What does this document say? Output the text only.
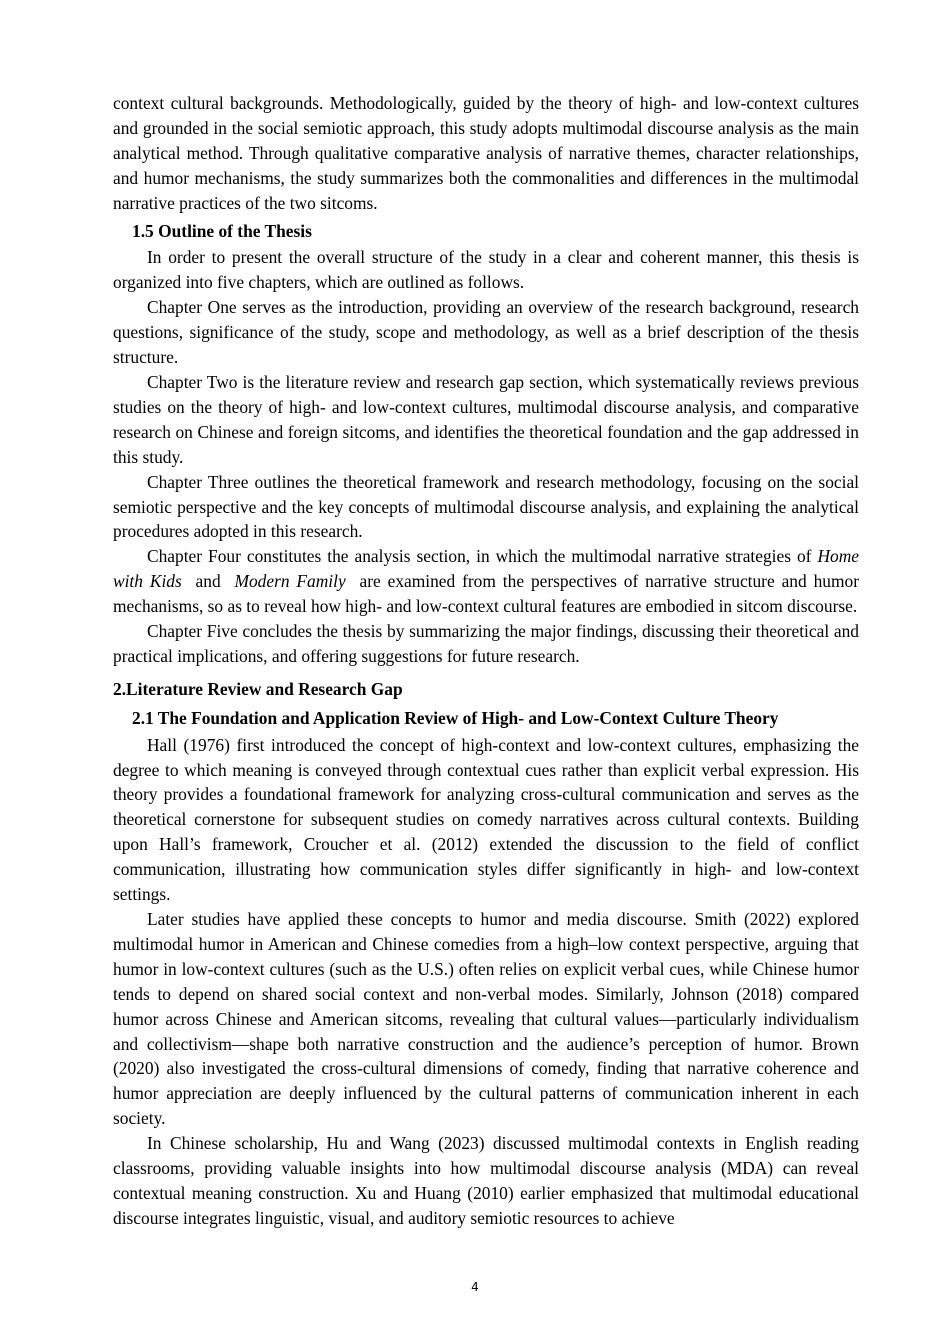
context cultural backgrounds. Methodologically, guided by the theory of high- and low-context cultures and grounded in the social semiotic approach, this study adopts multimodal discourse analysis as the main analytical method. Through qualitative comparative analysis of narrative themes, character relationships, and humor mechanisms, the study summarizes both the commonalities and differences in the multimodal narrative practices of the two sitcoms.

1.5 Outline of the Thesis

In order to present the overall structure of the study in a clear and coherent manner, this thesis is organized into five chapters, which are outlined as follows.

Chapter One serves as the introduction, providing an overview of the research background, research questions, significance of the study, scope and methodology, as well as a brief description of the thesis structure.

Chapter Two is the literature review and research gap section, which systematically reviews previous studies on the theory of high- and low-context cultures, multimodal discourse analysis, and comparative research on Chinese and foreign sitcoms, and identifies the theoretical foundation and the gap addressed in this study.

Chapter Three outlines the theoretical framework and research methodology, focusing on the social semiotic perspective and the key concepts of multimodal discourse analysis, and explaining the analytical procedures adopted in this research.

Chapter Four constitutes the analysis section, in which the multimodal narrative strategies of Home with Kids  and  Modern Family  are examined from the perspectives of narrative structure and humor mechanisms, so as to reveal how high- and low-context cultural features are embodied in sitcom discourse.

Chapter Five concludes the thesis by summarizing the major findings, discussing their theoretical and practical implications, and offering suggestions for future research.

2.Literature Review and Research Gap
2.1 The Foundation and Application Review of High- and Low-Context Culture Theory

Hall (1976) first introduced the concept of high-context and low-context cultures, emphasizing the degree to which meaning is conveyed through contextual cues rather than explicit verbal expression. His theory provides a foundational framework for analyzing cross-cultural communication and serves as the theoretical cornerstone for subsequent studies on comedy narratives across cultural contexts. Building upon Hall’s framework, Croucher et al. (2012) extended the discussion to the field of conflict communication, illustrating how communication styles differ significantly in high- and low-context settings.

Later studies have applied these concepts to humor and media discourse. Smith (2022) explored multimodal humor in American and Chinese comedies from a high–low context perspective, arguing that humor in low-context cultures (such as the U.S.) often relies on explicit verbal cues, while Chinese humor tends to depend on shared social context and non-verbal modes. Similarly, Johnson (2018) compared humor across Chinese and American sitcoms, revealing that cultural values—particularly individualism and collectivism—shape both narrative construction and the audience’s perception of humor. Brown (2020) also investigated the cross-cultural dimensions of comedy, finding that narrative coherence and humor appreciation are deeply influenced by the cultural patterns of communication inherent in each society.

In Chinese scholarship, Hu and Wang (2023) discussed multimodal contexts in English reading classrooms, providing valuable insights into how multimodal discourse analysis (MDA) can reveal contextual meaning construction. Xu and Huang (2010) earlier emphasized that multimodal educational discourse integrates linguistic, visual, and auditory semiotic resources to achieve

4
